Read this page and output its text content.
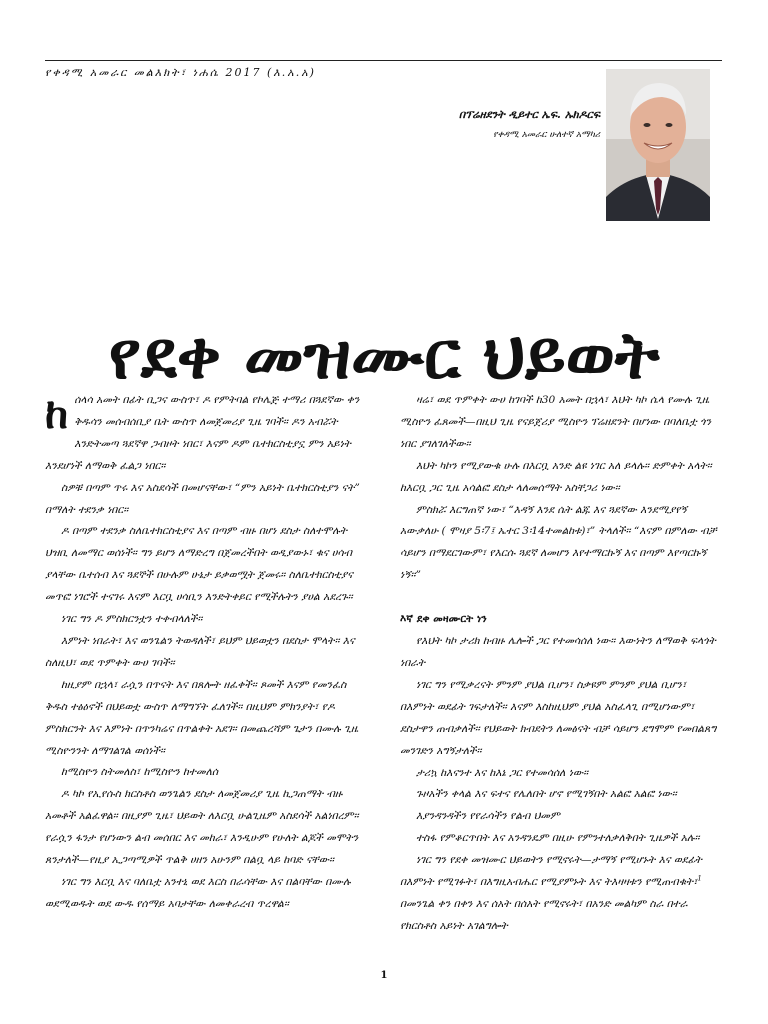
የቀዳሚ አመራር መልእክት፣ ነሐሴ 2017 (እ.አ.አ)
በፕሬዘደንት ዲይተር ኤፍ. ኡክዶርፍ
የቀዳሚ አመራር ሁለተኛ አማካሪ
የደቀ መዝሙር ህይወት

ከሰላሳ አመት በፊት ቢጋና ውስጥ፣ ዶ የምትባል የኮሌጅ ተማሪ በጓደኛው ቀን ቅዱሳን መሰብሰቢያ ቤት ውስጥ ለመጀመሪያ ጊዜ ገባች። ዶን አብሯት እንድትመጣ ጓደኛዋ ጋብዞት ነበር፣ እናም ዶም ቤተክርስቲያኗ ምን አይነት እንደሆነች ለማወቅ ፈልጋ ነበር።

ስዎቹ በጣም ጥሩ እና አስደሳች በመሆናቸው፣ “ምን አይነት ቤተክርስቲያን ናት” በማለት ተደንቃ ነበር።

ዶ በጣም ተደንቃ ስለቤተክርስቲያና እና በጣም ብዙ በሆነ ደስታ ስለተሞሉት ህዝቢ ለመማር ወሰነች። ግን ይሆን ለማድረግ በጀመረችበት ወዲያውኑ፣ ቁና ሀሳብ ያላቸው ቤተሰብ እና ጓደኞች በሁሉም ሁኔታ ይቃወሟት ጀመሩ። ስለቤተክርስቲያና መጥፎ ነገሮች ተናገሩ እናም እርቧ ሀሳቢን እንድትቀይር የሚችሉትን ያሀል አደረጉ።

ነገር ግን ዶ ምስክርንቷን ተቀብላለች።

እምነት ነበራት፣ እና ወንጌልን ትወዳለች፣ ይህም ህይወቷን በደስታ ሞላት። እና ስለዚህ፣ ወደ ጥምቀት ውሀ ገባች።

ከዚያም በኋላ፣ ራሷን በጥናት እና በጸሎት ዘፈቀች። ጾመች እናም የመንፈስ ቅዱስ ተፅዕኖች በህይወቷ ውስጥ ለማግኘት ፈለገች። በዚህም ምክንያት፣ የዶ ምስክርንት እና እምነት በጥንካሬና በጥልቀት አደገ። በመጨረሻም ጌታን በሙሉ ጊዜ ሚስዮንንት ለማገልገል ወሰነች።

ከሚስዮን ስትመለስ፣ ከሚስዮን ከተመለሰ

ዶ ካኮ የኢየሱስ ክርስቶስ ወንጌልን ደስታ ለመጀመሪያ ጊዜ ኪጋጠማት ብዙ አመቶች አልፈዋል። በዚያም ጊዜ፣ ህይወት ለእርቧ ሁልጊዜም አስደሳች አልነበረም። የራሷን ፋንታ የሆነውን ልብ መሰበር እና መከራ፣ እንዲሁም የሁለት ልጆች መሞትን ጸንታለች—የዚያ ኢጋጣሚዎች ጥልቅ ሀዘን አሁንም በልቧ ላይ ከባድ ናቸው።

ነገር ግን እርቧ እና ባለቤቷ አንተኒ ወደ እርስ በራሳቸው እና በልባቸው በሙሉ ወደሚወዱት ወደ ውዱ የሰማይ አባታቸው ለመቀራረብ ጥረዋል።

ዛሬ፣ ወደ ጥምቀት ውሀ ከገባች ከ30 አመት በኋላ፣ እህት ካኮ ሴላ የሙሉ ጊዜ ሚስዮን ፈጸመች—በዚህ ጊዜ የናይጀሪያ ሚስዮን ፕሬዘደንት በሆነው በባለቤቷ ጎን ነበር ያገለገለችው።

እህት ካኮን የሚያውቁ ሁሉ በእርቧ አንድ ልዩ ነገር አለ ይላሉ። ድምቀት አላት። ከእርቧ ጋር ጊዜ አሳልፎ ደስታ ላለመሰማት አስቸጋሪ ነው።

ምስክሯ እርግጠኛ ነው፣ “እዳኝ እንደ ሴት ልጁ እና ጓደኛው እንደሚያየኝ አውቃለሁ ( ሞዛያ 5፡7፤ ኤተር 3፡14ተመልከቱ)፣” ትላለች። “እናም በምለው ብቻ ሳይሆን በማደርገውም፣ የእርሱ ጓደኛ ለመሆን እየተማርኩኝ እና በጣም እየጣርኩኝ ነኝ።”

እኛ ደቀ መዛሙርት ነን

የእህት ካኮ ታሪክ ከብዙ ሌሎች ጋር የተመሳሰለ ነው። እውነትን ለማወቅ ፍላጎት ነበራት

ነገር ግን የሚቃረናት ምንም ያህል ቢሆን፣ ስቃዩም ምንም ያህል ቢሆን፣ በእምነት ወደፊት ገፍታለች። እናም እስከዚህም ያህል አስፈላጊ በሚሆነውም፣ ደስታዋን ጠብቃለች። የህይወት ክብደትን ለመፅናት ብቻ ሳይሆን ደግሞም የመበልጸግ መንገድን አግኝታለች።

ታሪኳ ከእናንተ እና ከእኔ ጋር የተመሳሰለ ነው።

ጉዞአችን ቀላል እና ፍተና የሌለበት ሆኖ የሚገኝበት አልፎ አልፎ ነው።

እያንዳንዳችን የየራሳችን የልብ ህመም

ተስፋ የምቆርጥበት እና አንዳንዴም በዚሁ የምንተለቃለቅበት ጊዜዎች አሉ።

ነገር ግን የደቀ መዝሙር ህይወትን የሚኖሩት—ታማኝ የሚሆኑት እና ወደፊት በእምነት የሚገፉት፣ በእግዚአብሔር የሚያምኑት እና ትእዛዛቱን የሚጠብቁት፣$^1$ በመንጌል ቀን በቀን እና ሰአት በሰአት የሚኖሩት፣ በአንድ መልካም ስራ በተራ የክርስቶስ አይነት አገልግሎት

1
